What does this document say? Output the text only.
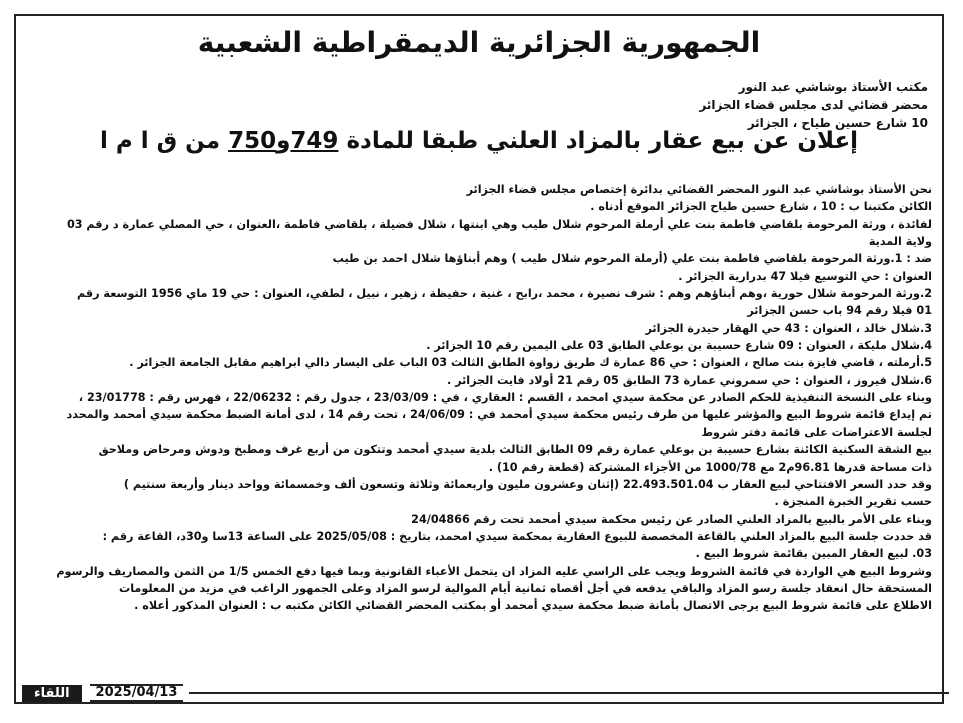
الجمهورية الجزائرية الديمقراطية الشعبية
مكتب الأستاذ بوشاشي عبد النور
محضر قضائي لدى مجلس قضاء الجزائر
10 شارع حسين طياح ، الجزائر
إعلان عن بيع عقار بالمزاد العلني طبقا للمادة 749و750 من ق ا م ا
نحن الأستاذ بوشاشي عبد النور المحضر القضائي بدائرة إختصاص مجلس قضاء الجزائر
الكائن مكتبنا ب : 10 ، شارع حسين طياح الجزائر الموقع أدناه .
لفائدة ، ورثة المرحومة بلقاضي فاطمة بنت علي أرملة المرحوم شلال طيب وهي ابنتها ، شلال فضيلة ، بلقاضي فاطمة ،العنوان ، حي المصلي عمارة د رقم 03
ولاية المدية
ضد : 1.ورثة المرحومة بلقاضي فاطمة بنت علي (أرملة المرحوم شلال طيب ) وهم أبناؤها شلال احمد بن طيب
العنوان : حي التوسيع فيلا 47 بدرارية الجزائر .
2.ورثة المرحومة شلال حورية ،وهم أبناؤهم وهم : شرف نصيرة ، محمد ،رابح ، غنية ، حفيظة ، زهير ، نبيل ، لطفي، العنوان : حي 19 ماي 1956 التوسعة رقم
01 فيلا رقم 94 باب حسن الجزائر
3.شلال خالد ، العنوان : 43 حي الهقار حيدرة الجزائر
4.شلال مليكة ، العنوان : 09 شارع حسيبة بن بوعلي الطابق 03 على اليمين رقم 10 الجزائر .
5.أرملته ، قاضي فايزة بنت صالح ، العنوان : حي 86 عمارة ك طريق زواوة الطابق الثالث 03 الباب على اليسار دالي ابراهيم مقابل الجامعة الجزائر .
6.شلال فيروز ، العنوان : حي سمروني عمارة 73 الطابق 05 رقم 21 أولاد فايت الجزائر .
وبناء على النسخة التنفيذية للحكم الصادر عن محكمة سيدي امحمد ، القسم : العقاري ، في : 23/03/09 ، جدول رقم : 22/06232 ، فهرس رقم : 23/01778 ،
تم إيداع قائمة شروط البيع والمؤشر عليها من طرف رئيس محكمة سيدي أمحمد في : 24/06/09 ، تحت رقم 14 ، لدى أمانة الضبط محكمة سيدي أمحمد والمحدد
لجلسة الاعتراضات على قائمة دفتر شروط
بيع الشقة السكنية الكائنة بشارع حسيبة بن بوعلي عمارة رقم 09 الطابق الثالث بلدية سيدي أمحمد وتتكون من أربع غرف ومطبخ ودوش ومرحاض وملاحق
ذات مساحة قدرها 96.81م2 مع 1000/78 من الأجزاء المشتركة (قطعة رقم 10) .
وقد حدد السعر الافتتاحي لبيع العقار ب 22.493.501.04 (إثنان وعشرون مليون واربعمائة وثلاثة وتسعون ألف وخمسمائة وواحد دينار وأربعة سنتيم )
حسب تقرير الخبرة المنجزة .
وبناء على الأمر بالبيع بالمزاد العلني الصادر عن رئيس محكمة سيدي أمحمد تحت رقم 24/04866
قد حددت جلسة البيع بالمزاد العلني بالقاعة المخصصة للبيوع العقارية بمحكمة سيدي امحمد، بتاريخ : 2025/05/08 على الساعة 13سا و30د، القاعة رقم :
03. لبيع العقار المبين بقائمة شروط البيع .
وشروط البيع هي الواردة في قائمة الشروط ويجب على الراسي عليه المزاد ان يتحمل الأعباء القانونية وبما فيها دفع الخمس 1/5 من الثمن والمصاريف والرسوم
المستحقة حال انعقاد جلسة رسو المزاد والباقي يدفعه في أجل أقصاه ثمانية أيام الموالية لرسو المزاد وعلى الجمهور الراغب في مزيد من المعلومات
الاطلاع على قائمة شروط البيع يرجى الاتصال بأمانة ضبط محكمة سيدي أمحمد أو بمكتب المحضر القضائي الكائن مكتبه ب : العنوان المذكور أعلاه .
اللقاء	2025/04/13
